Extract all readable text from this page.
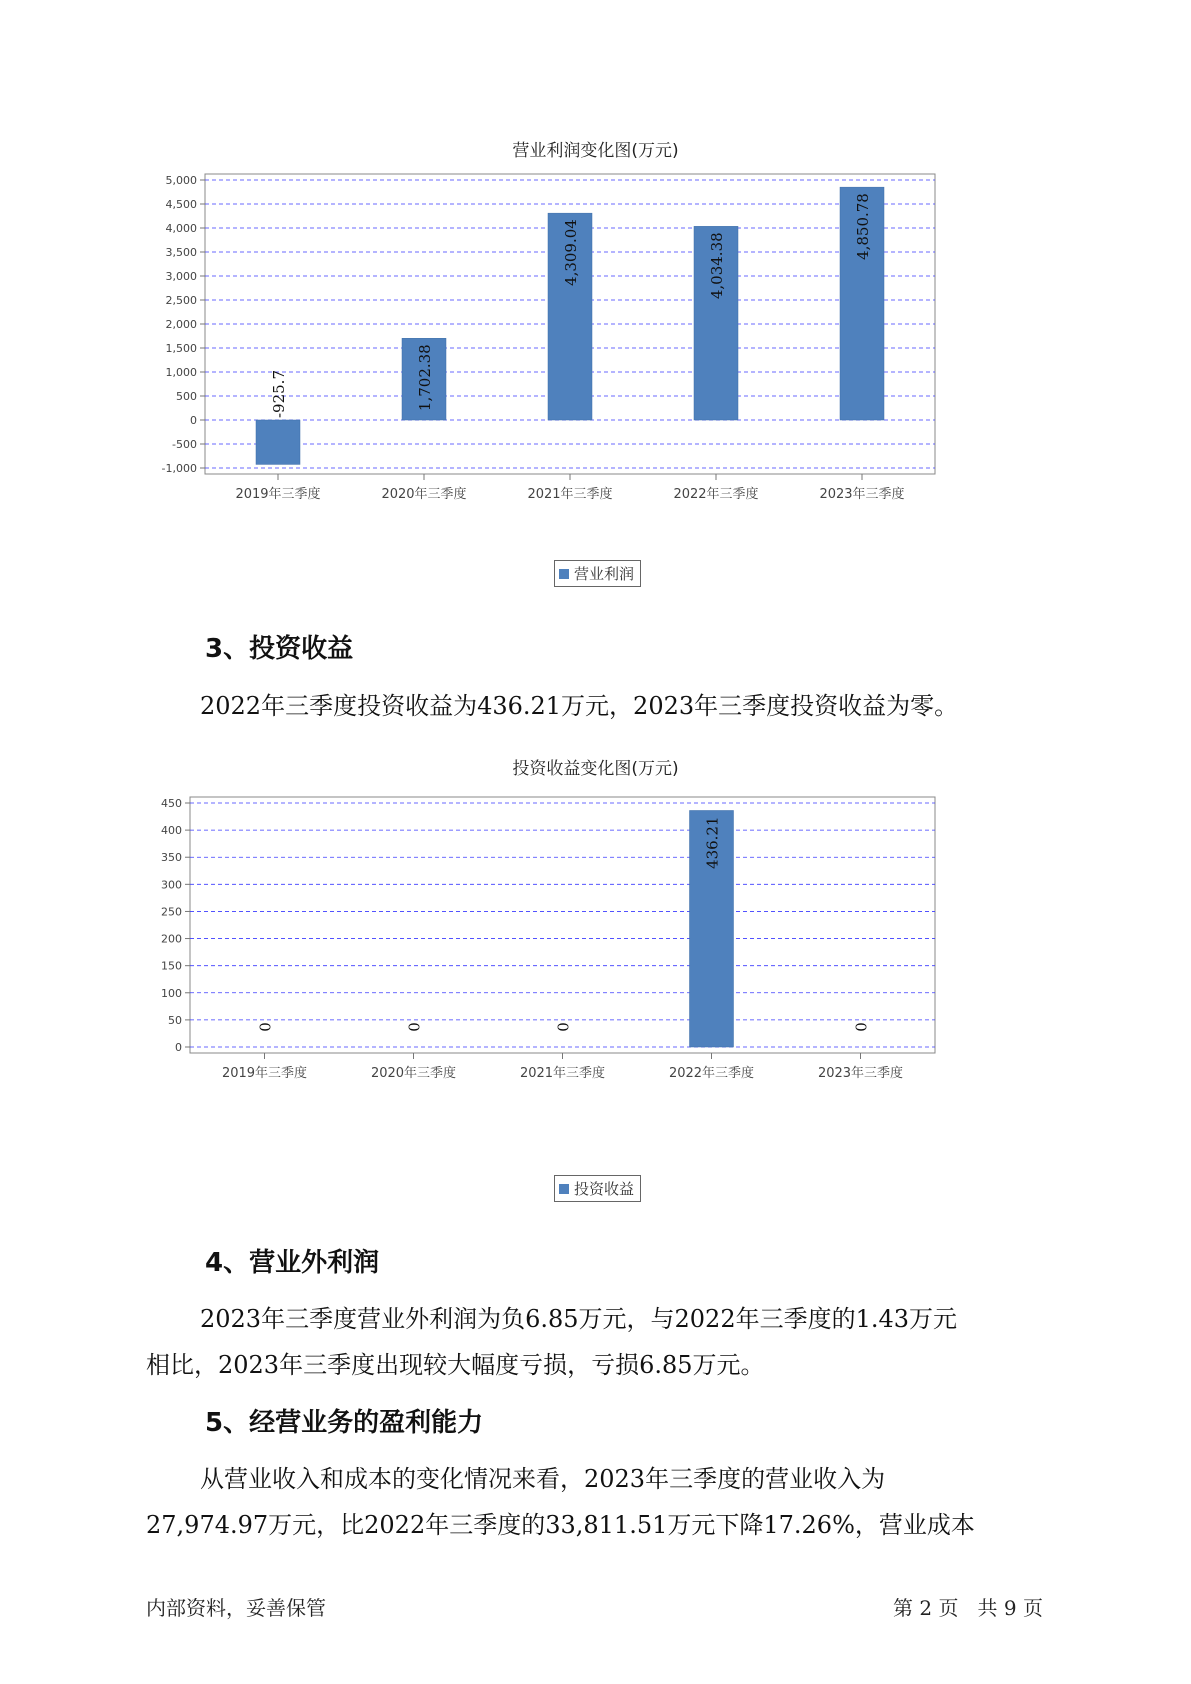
营业利润变化图(万元)
5,000
4,500
4,000
3,500
3,000
2,500
2,000
1,500
1,000
500
0
-500
-1,000
2019年三季度
-925.7
2020年三季度
1,702.38
2021年三季度
4,309.04
2022年三季度
4,034.38
2023年三季度
4,850.78
营业利润
3、投资收益
2022年三季度投资收益为436.21万元，2023年三季度投资收益为零。
投资收益变化图(万元)
450
400
350
300
250
200
150
100
50
0
2019年三季度
0
2020年三季度
0
2021年三季度
0
2022年三季度
436.21
2023年三季度
0
投资收益
4、营业外利润
2023年三季度营业外利润为负6.85万元，与2022年三季度的1.43万元
相比，2023年三季度出现较大幅度亏损，亏损6.85万元。
5、经营业务的盈利能力
从营业收入和成本的变化情况来看，2023年三季度的营业收入为
27,974.97万元，比2022年三季度的33,811.51万元下降17.26%，营业成本
内部资料，妥善保管	第 2 页   共 9 页
